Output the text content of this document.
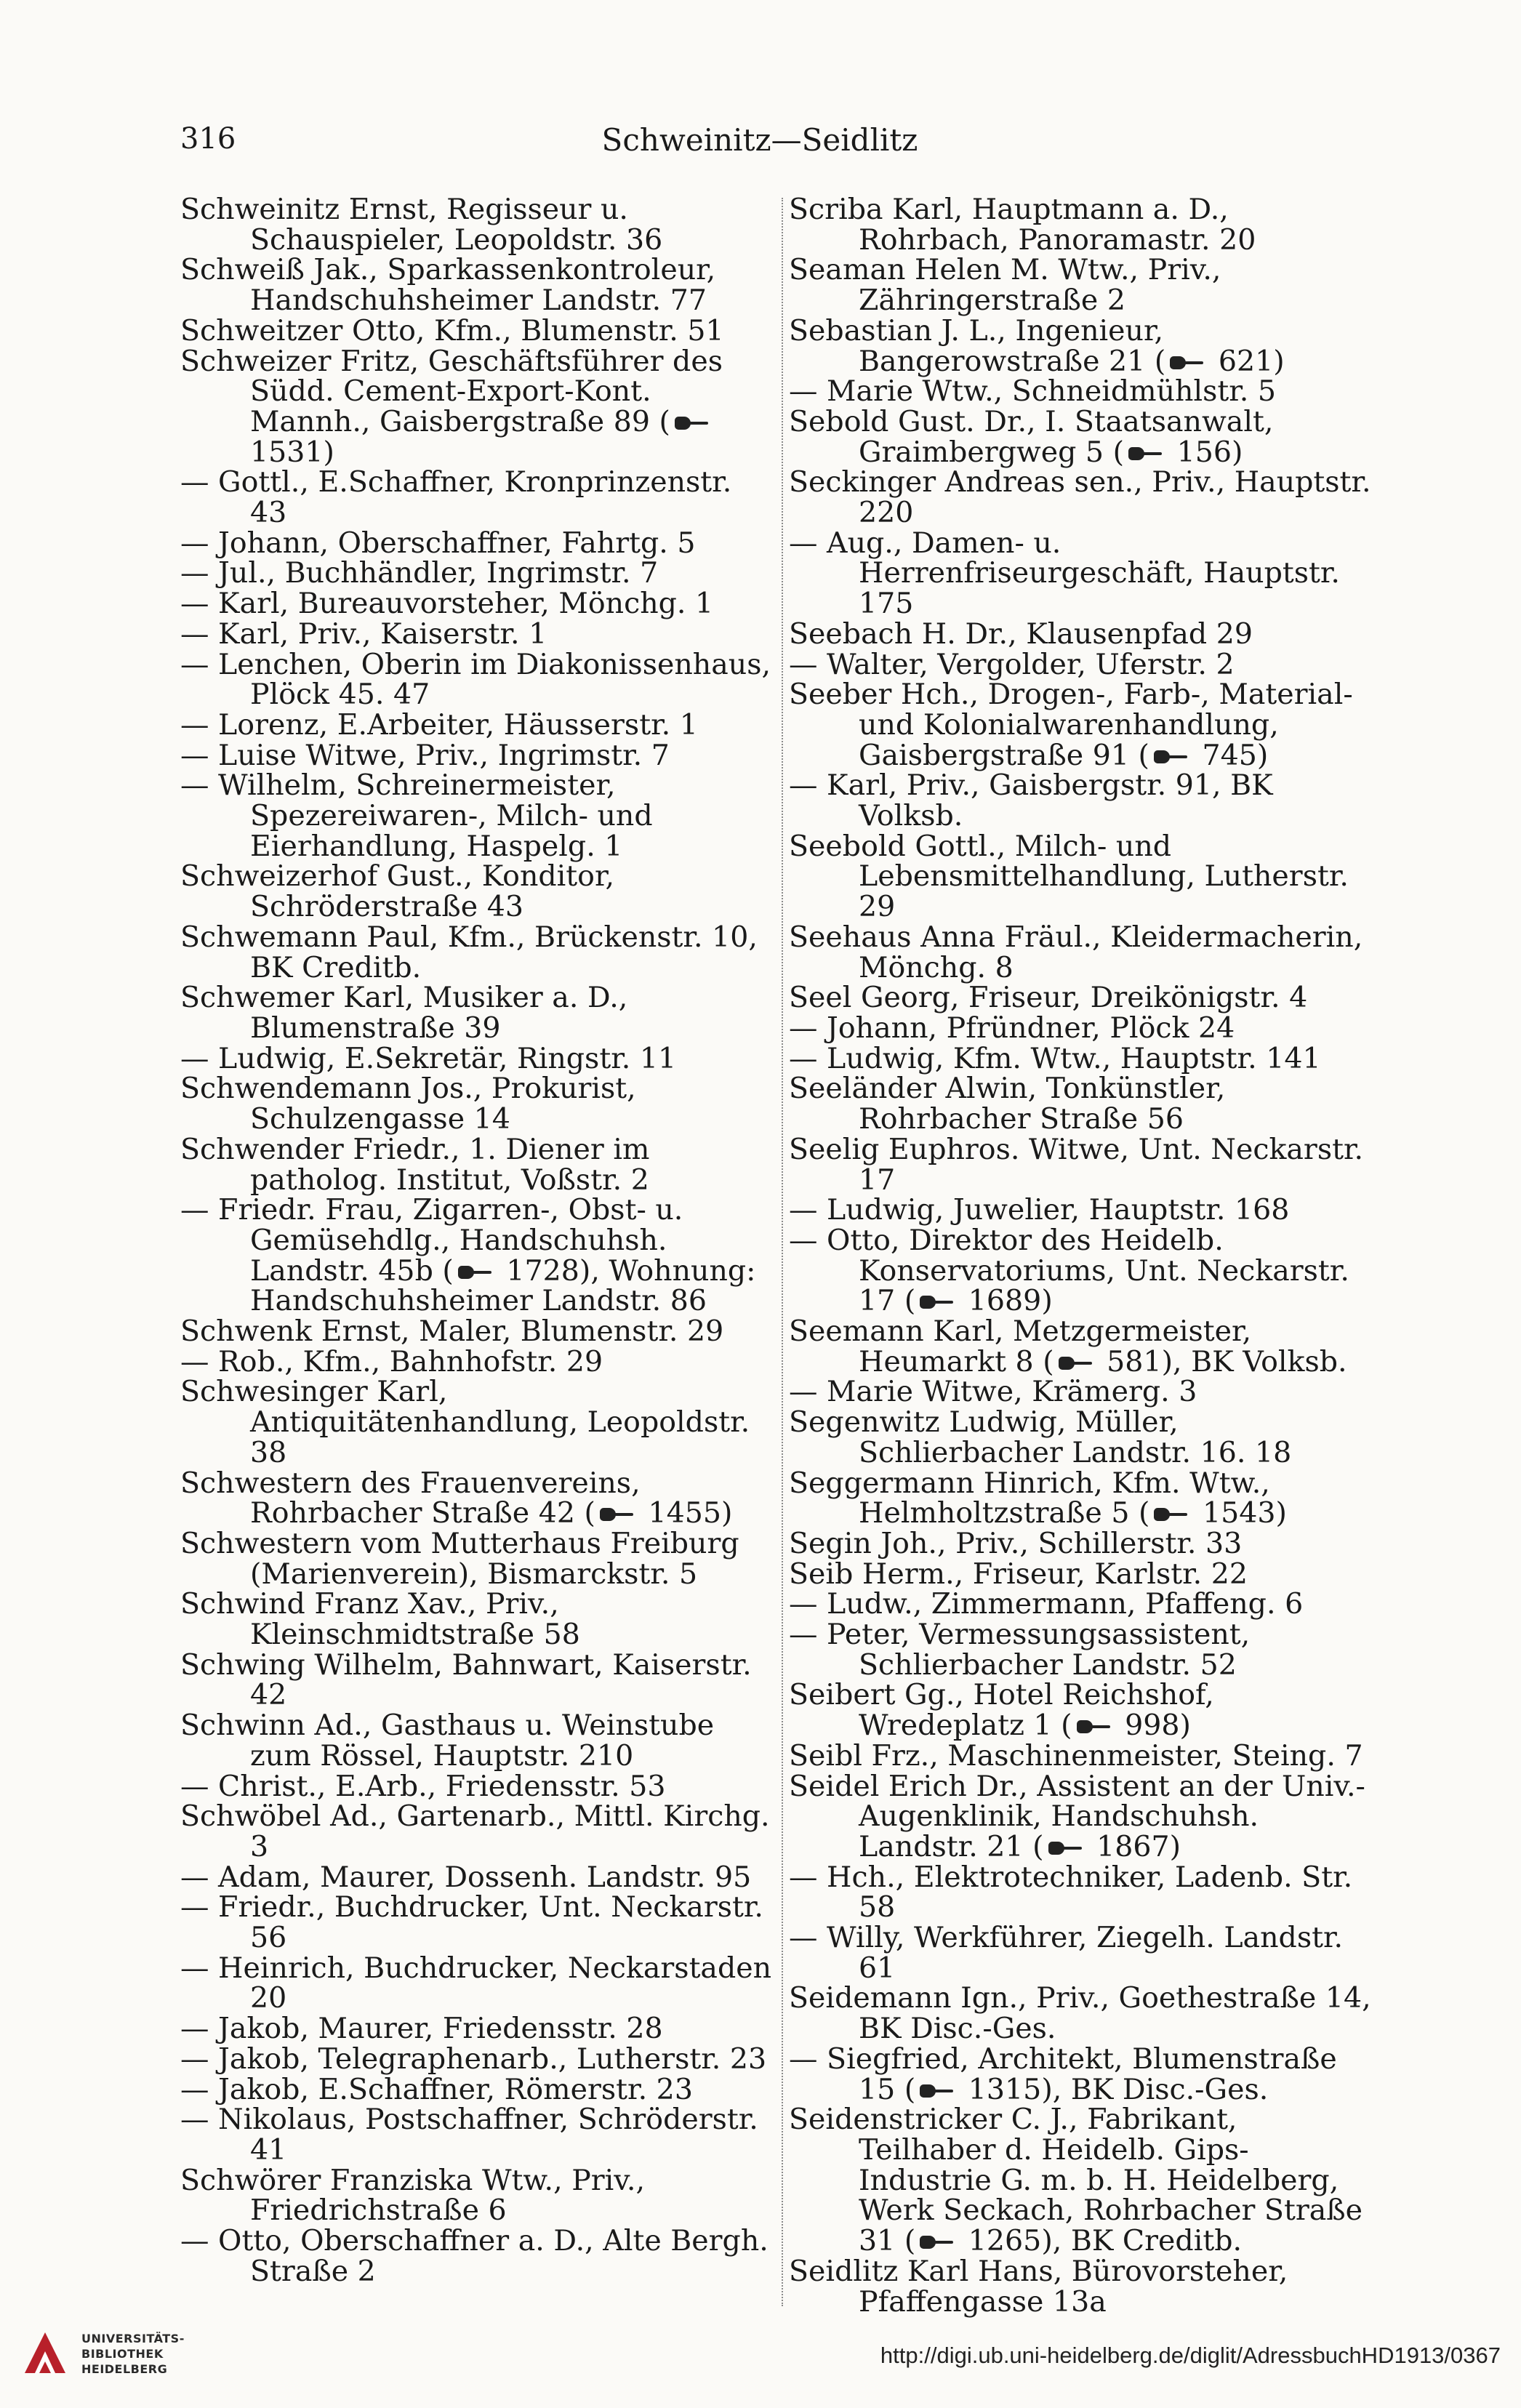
316	Schweinitz—Seidlitz

Schweinitz Ernst, Regisseur u. Schauspieler, Leopoldstr. 36

Schweiß Jak., Sparkassenkontroleur, Handschuhsheimer Landstr. 77

Schweitzer Otto, Kfm., Blumenstr. 51

Schweizer Fritz, Geschäftsführer des Südd. Cement-Export-Kont. Mannh., Gaisbergstraße 89 ( 1531)

— Gottl., E.Schaffner, Kronprinzenstr. 43

— Johann, Oberschaffner, Fahrtg. 5

— Jul., Buchhändler, Ingrimstr. 7

— Karl, Bureauvorsteher, Mönchg. 1

— Karl, Priv., Kaiserstr. 1

— Lenchen, Oberin im Diakonissenhaus, Plöck 45. 47

— Lorenz, E.Arbeiter, Häusserstr. 1

— Luise Witwe, Priv., Ingrimstr. 7

— Wilhelm, Schreinermeister, Spezereiwaren-, Milch- und Eierhandlung, Haspelg. 1

Schweizerhof Gust., Konditor, Schröderstraße 43

Schwemann Paul, Kfm., Brückenstr. 10, BK Creditb.

Schwemer Karl, Musiker a. D., Blumenstraße 39

— Ludwig, E.Sekretär, Ringstr. 11

Schwendemann Jos., Prokurist, Schulzengasse 14

Schwender Friedr., 1. Diener im patholog. Institut, Voßstr. 2

— Friedr. Frau, Zigarren-, Obst- u. Gemüsehdlg., Handschuhsh. Landstr. 45b ( 1728), Wohnung: Handschuhsheimer Landstr. 86

Schwenk Ernst, Maler, Blumenstr. 29

— Rob., Kfm., Bahnhofstr. 29

Schwesinger Karl, Antiquitätenhandlung, Leopoldstr. 38

Schwestern des Frauenvereins, Rohrbacher Straße 42 ( 1455)

Schwestern vom Mutterhaus Freiburg (Marienverein), Bismarckstr. 5

Schwind Franz Xav., Priv., Kleinschmidtstraße 58

Schwing Wilhelm, Bahnwart, Kaiserstr. 42

Schwinn Ad., Gasthaus u. Weinstube zum Rössel, Hauptstr. 210

— Christ., E.Arb., Friedensstr. 53

Schwöbel Ad., Gartenarb., Mittl. Kirchg. 3

— Adam, Maurer, Dossenh. Landstr. 95

— Friedr., Buchdrucker, Unt. Neckarstr. 56

— Heinrich, Buchdrucker, Neckarstaden 20

— Jakob, Maurer, Friedensstr. 28

— Jakob, Telegraphenarb., Lutherstr. 23

— Jakob, E.Schaffner, Römerstr. 23

— Nikolaus, Postschaffner, Schröderstr. 41

Schwörer Franziska Wtw., Priv., Friedrichstraße 6

— Otto, Oberschaffner a. D., Alte Bergh. Straße 2

Scriba Karl, Hauptmann a. D., Rohrbach, Panoramastr. 20

Seaman Helen M. Wtw., Priv., Zähringerstraße 2

Sebastian J. L., Ingenieur, Bangerowstraße 21 ( 621)

— Marie Wtw., Schneidmühlstr. 5

Sebold Gust. Dr., I. Staatsanwalt, Graimbergweg 5 ( 156)

Seckinger Andreas sen., Priv., Hauptstr. 220

— Aug., Damen- u. Herrenfriseurgeschäft, Hauptstr. 175

Seebach H. Dr., Klausenpfad 29

— Walter, Vergolder, Uferstr. 2

Seeber Hch., Drogen-, Farb-, Material- und Kolonialwarenhandlung, Gaisbergstraße 91 ( 745)

— Karl, Priv., Gaisbergstr. 91, BK Volksb.

Seebold Gottl., Milch- und Lebensmittelhandlung, Lutherstr. 29

Seehaus Anna Fräul., Kleidermacherin, Mönchg. 8

Seel Georg, Friseur, Dreikönigstr. 4

— Johann, Pfründner, Plöck 24

— Ludwig, Kfm. Wtw., Hauptstr. 141

Seeländer Alwin, Tonkünstler, Rohrbacher Straße 56

Seelig Euphros. Witwe, Unt. Neckarstr. 17

— Ludwig, Juwelier, Hauptstr. 168

— Otto, Direktor des Heidelb. Konservatoriums, Unt. Neckarstr. 17 ( 1689)

Seemann Karl, Metzgermeister, Heumarkt 8 ( 581), BK Volksb.

— Marie Witwe, Krämerg. 3

Segenwitz Ludwig, Müller, Schlierbacher Landstr. 16. 18

Seggermann Hinrich, Kfm. Wtw., Helmholtzstraße 5 ( 1543)

Segin Joh., Priv., Schillerstr. 33

Seib Herm., Friseur, Karlstr. 22

— Ludw., Zimmermann, Pfaffeng. 6

— Peter, Vermessungsassistent, Schlierbacher Landstr. 52

Seibert Gg., Hotel Reichshof, Wredeplatz 1 ( 998)

Seibl Frz., Maschinenmeister, Steing. 7

Seidel Erich Dr., Assistent an der Univ.-Augenklinik, Handschuhsh. Landstr. 21 ( 1867)

— Hch., Elektrotechniker, Ladenb. Str. 58

— Willy, Werkführer, Ziegelh. Landstr. 61

Seidemann Ign., Priv., Goethestraße 14, BK Disc.-Ges.

— Siegfried, Architekt, Blumenstraße 15 ( 1315), BK Disc.-Ges.

Seidenstricker C. J., Fabrikant, Teilhaber d. Heidelb. Gips-Industrie G. m. b. H. Heidelberg, Werk Seckach, Rohrbacher Straße 31 ( 1265), BK Creditb.

Seidlitz Karl Hans, Bürovorsteher, Pfaffengasse 13a

UNIVERSITÄTS-
BIBLIOTHEK
HEIDELBERG
http://digi.ub.uni-heidelberg.de/diglit/AdressbuchHD1913/0367
